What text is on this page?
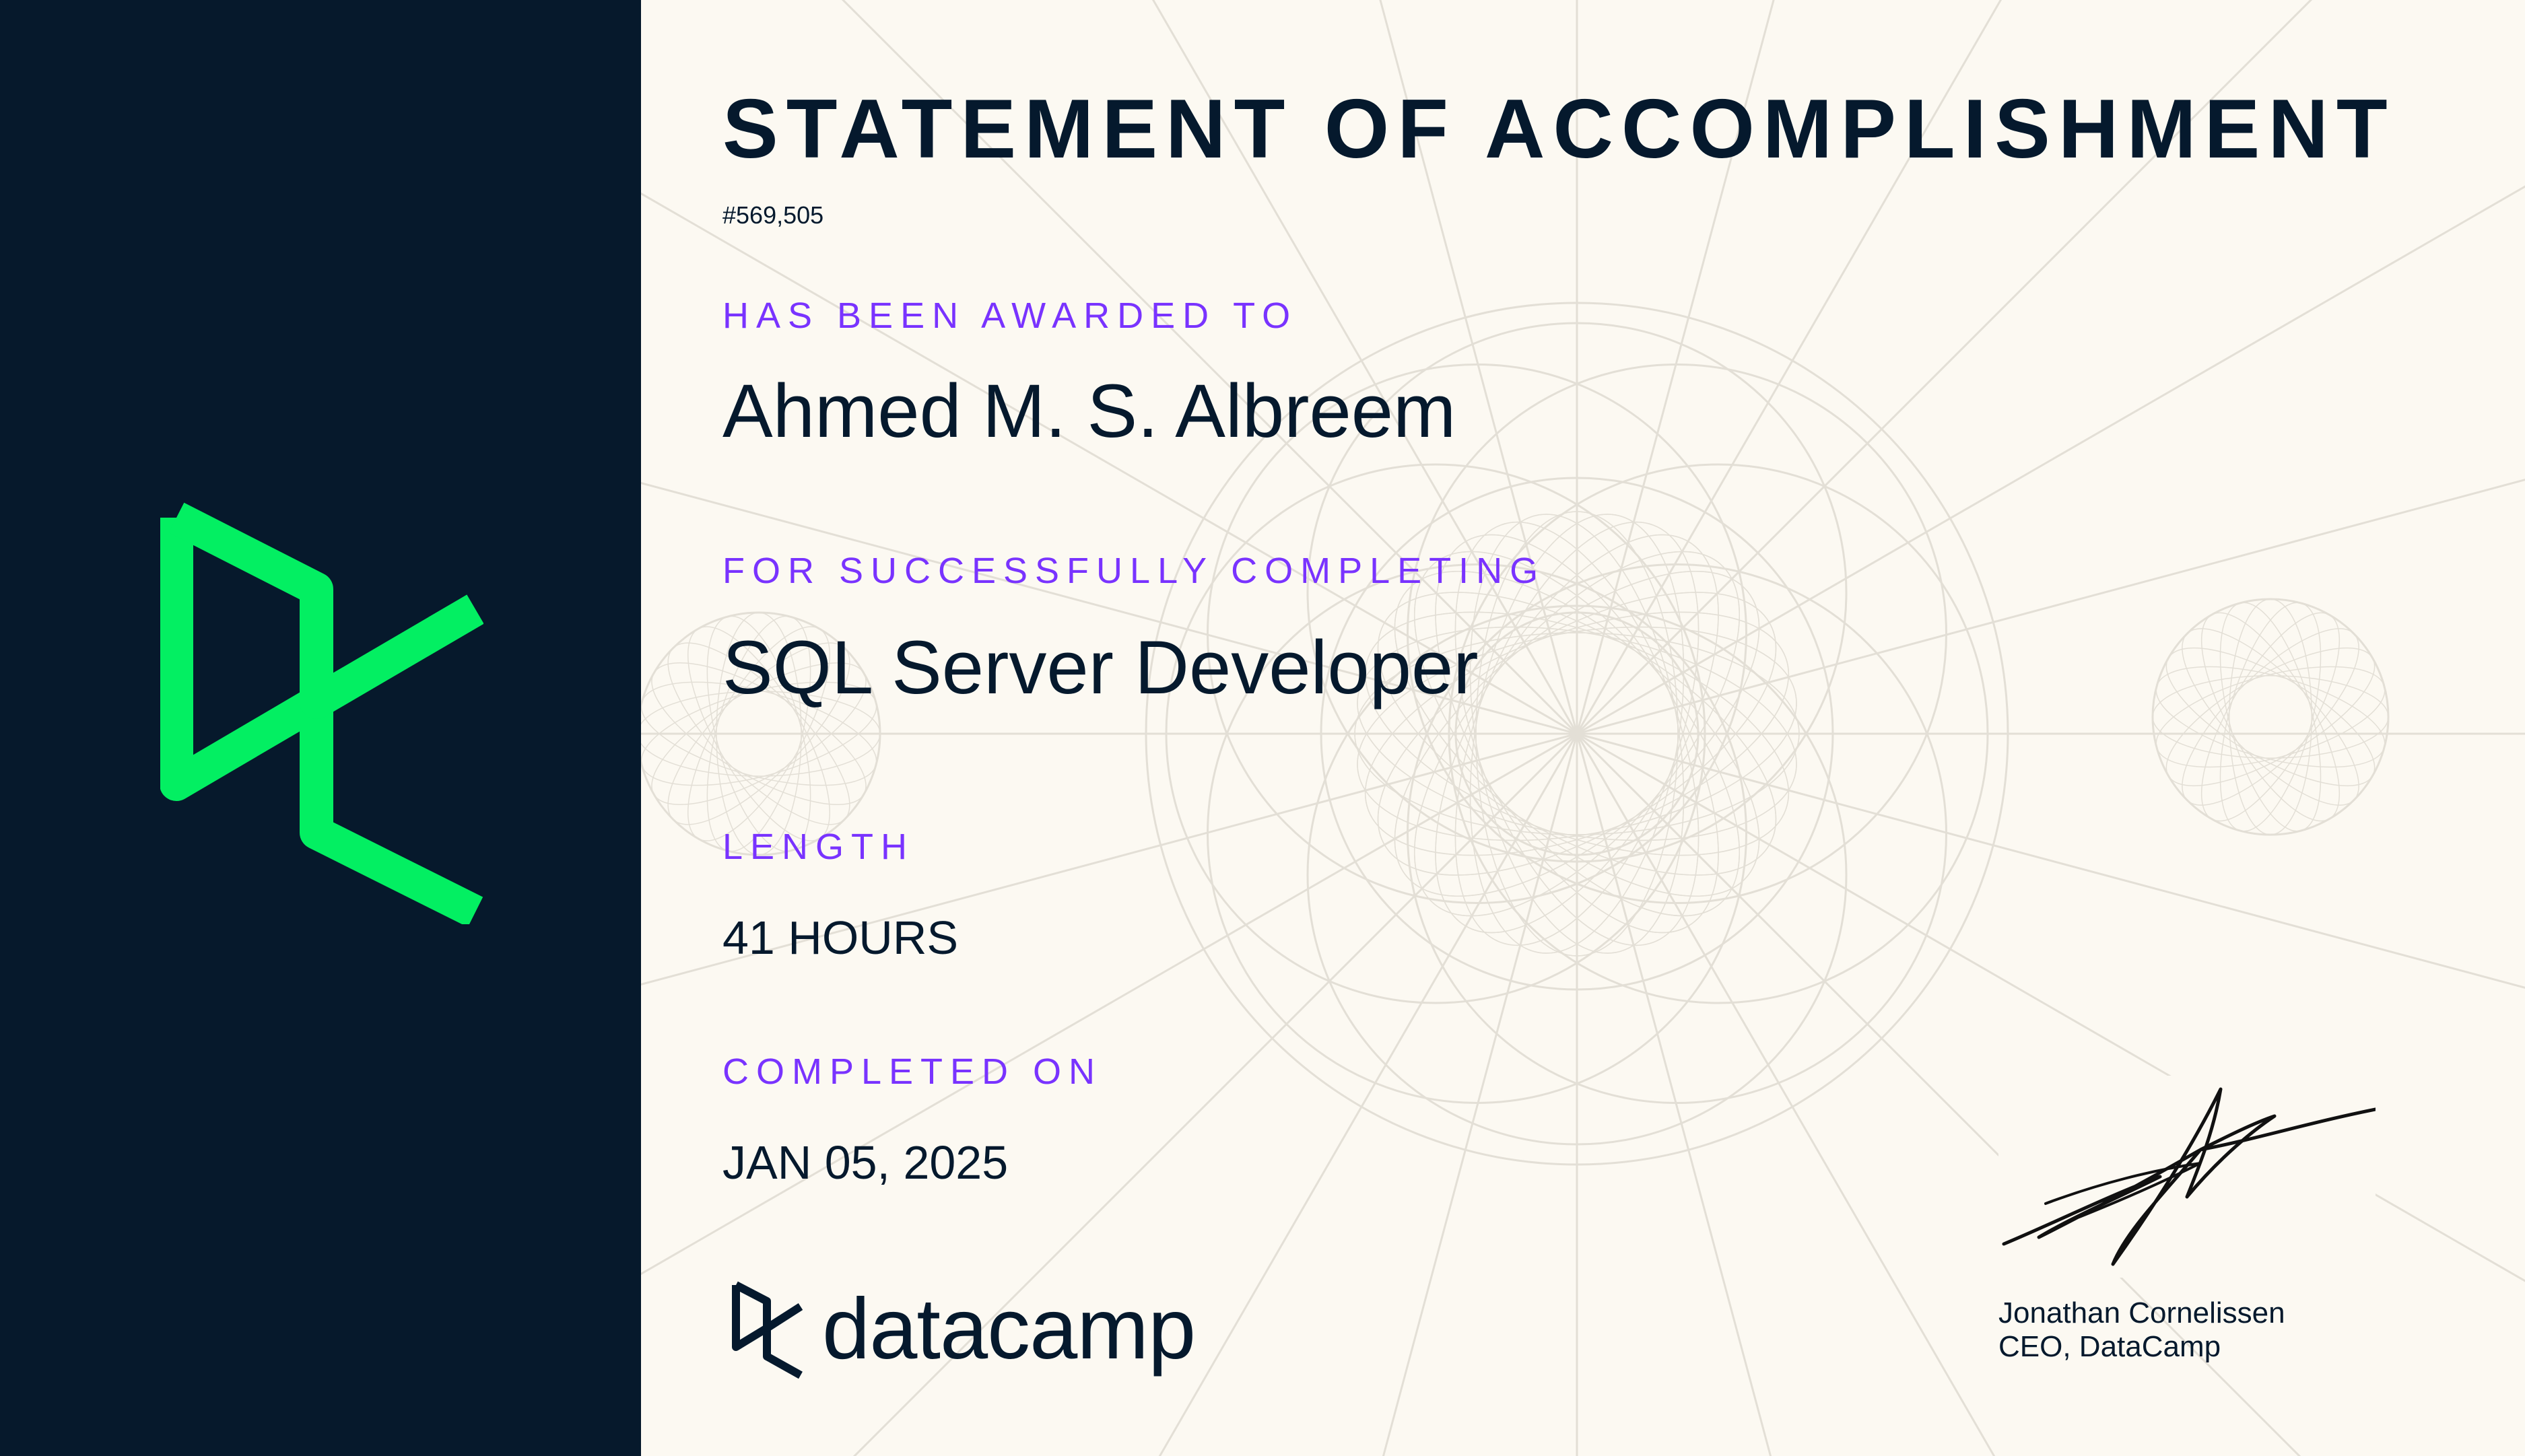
STATEMENT OF ACCOMPLISHMENT
#569,505
HAS BEEN AWARDED TO
Ahmed M. S. Albreem
FOR SUCCESSFULLY COMPLETING
SQL Server Developer
LENGTH
41 HOURS
COMPLETED ON
JAN 05, 2025
datacamp	Jonathan Cornelissen
CEO, DataCamp
